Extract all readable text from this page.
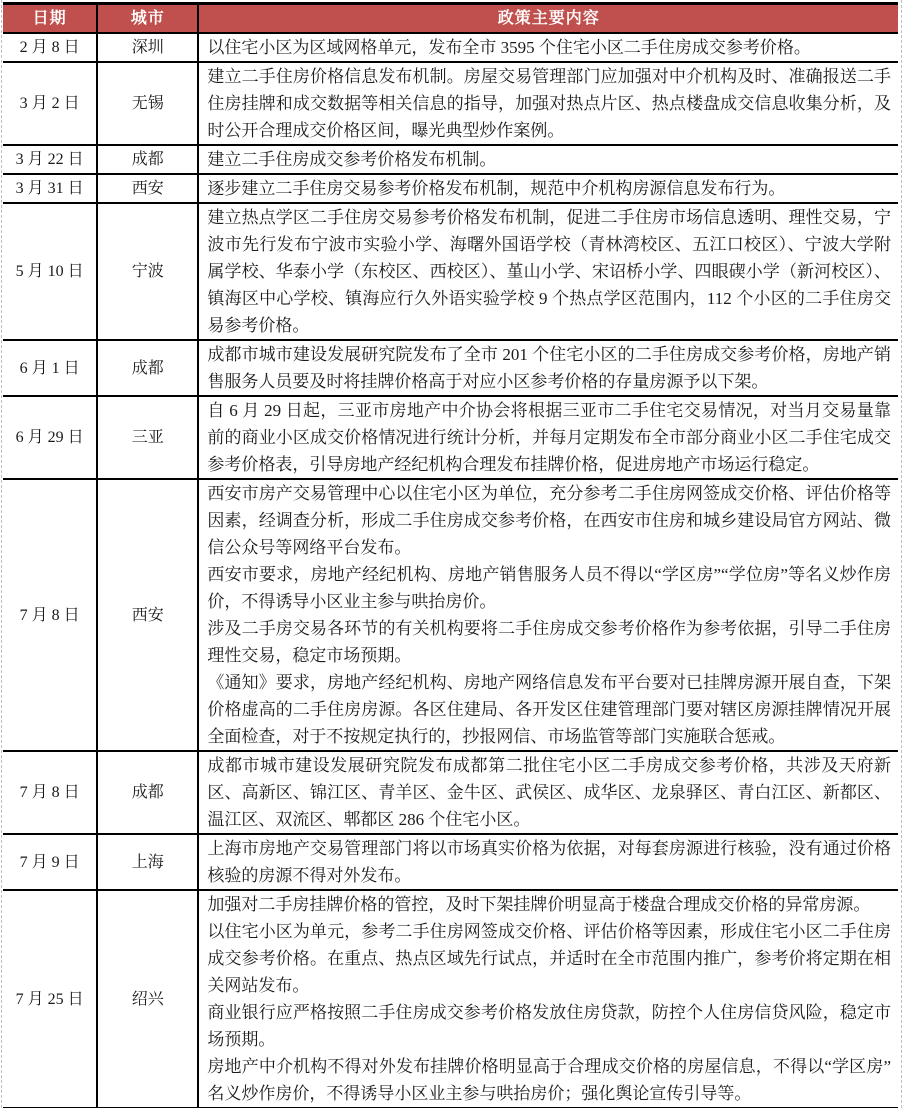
日期	城市	政策主要内容
2 月 8 日	深圳	以住宅小区为区域网格单元，发布全市 3595 个住宅小区二手住房成交参考价格。

3 月 2 日	无锡	建立二手住房价格信息发布机制。房屋交易管理部门应加强对中介机构及时、准确报送二手住房挂牌和成交数据等相关信息的指导，加强对热点片区、热点楼盘成交信息收集分析，及时公开合理成交价格区间，曝光典型炒作案例。

3 月 22 日	成都	建立二手住房成交参考价格发布机制。

3 月 31 日	西安	逐步建立二手住房交易参考价格发布机制，规范中介机构房源信息发布行为。

5 月 10 日	宁波	建立热点学区二手住房交易参考价格发布机制，促进二手住房市场信息透明、理性交易，宁波市先行发布宁波市实验小学、海曙外国语学校（青林湾校区、五江口校区）、宁波大学附属学校、华泰小学（东校区、西校区）、堇山小学、宋诏桥小学、四眼碶小学（新河校区）、镇海区中心学校、镇海应行久外语实验学校 9 个热点学区范围内，112 个小区的二手住房交易参考价格。

6 月 1 日	成都	成都市城市建设发展研究院发布了全市 201 个住宅小区的二手住房成交参考价格，房地产销售服务人员要及时将挂牌价格高于对应小区参考价格的存量房源予以下架。

6 月 29 日	三亚	自 6 月 29 日起，三亚市房地产中介协会将根据三亚市二手住宅交易情况，对当月交易量靠前的商业小区成交价格情况进行统计分析，并每月定期发布全市部分商业小区二手住宅成交参考价格表，引导房地产经纪机构合理发布挂牌价格，促进房地产市场运行稳定。

7 月 8 日	西安	西安市房产交易管理中心以住宅小区为单位，充分参考二手住房网签成交价格、评估价格等因素，经调查分析，形成二手住房成交参考价格，在西安市住房和城乡建设局官方网站、微信公众号等网络平台发布。
西安市要求，房地产经纪机构、房地产销售服务人员不得以“学区房”“学位房”等名义炒作房价，不得诱导小区业主参与哄抬房价。
涉及二手房交易各环节的有关机构要将二手住房成交参考价格作为参考依据，引导二手住房理性交易，稳定市场预期。
《通知》要求，房地产经纪机构、房地产网络信息发布平台要对已挂牌房源开展自查，下架价格虚高的二手住房房源。各区住建局、各开发区住建管理部门要对辖区房源挂牌情况开展全面检查，对于不按规定执行的，抄报网信、市场监管等部门实施联合惩戒。

7 月 8 日	成都	成都市城市建设发展研究院发布成都第二批住宅小区二手房成交参考价格，共涉及天府新区、高新区、锦江区、青羊区、金牛区、武侯区、成华区、龙泉驿区、青白江区、新都区、温江区、双流区、郫都区 286 个住宅小区。

7 月 9 日	上海	上海市房地产交易管理部门将以市场真实价格为依据，对每套房源进行核验，没有通过价格核验的房源不得对外发布。

7 月 25 日	绍兴	加强对二手房挂牌价格的管控，及时下架挂牌价明显高于楼盘合理成交价格的异常房源。
以住宅小区为单元，参考二手住房网签成交价格、评估价格等因素，形成住宅小区二手住房成交参考价格。在重点、热点区域先行试点，并适时在全市范围内推广，参考价将定期在相关网站发布。
商业银行应严格按照二手住房成交参考价格发放住房贷款，防控个人住房信贷风险，稳定市场预期。
房地产中介机构不得对外发布挂牌价格明显高于合理成交价格的房屋信息，不得以“学区房”名义炒作房价，不得诱导小区业主参与哄抬房价；强化舆论宣传引导等。
